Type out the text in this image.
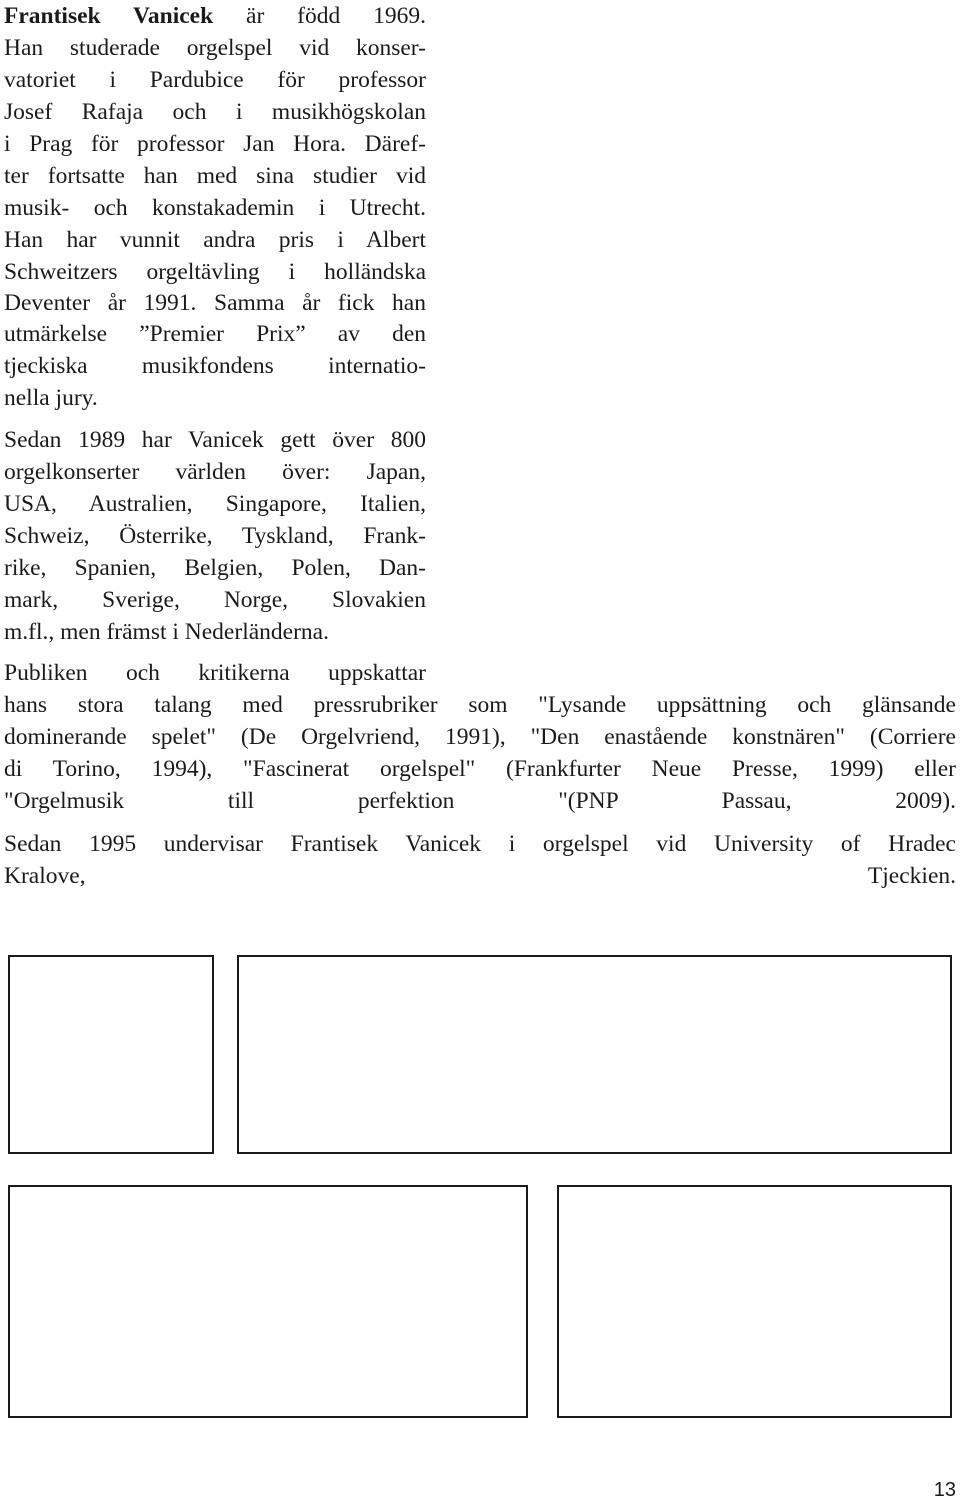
Frantisek Vanicek är född 1969.
Han studerade orgelspel vid konser-
vatoriet i Pardubice för professor
Josef Rafaja och i musikhögskolan
i Prag för professor Jan Hora. Däref-
ter fortsatte han med sina studier vid
musik- och konstakademin i Utrecht.
Han har vunnit andra pris i Albert
Schweitzers orgeltävling i holländska
Deventer år 1991. Samma år fick han
utmärkelse ”Premier Prix” av den
tjeckiska musikfondens internatio-
nella jury.
Sedan 1989 har Vanicek gett över 800
orgelkonserter världen över: Japan,
USA, Australien, Singapore, Italien,
Schweiz, Österrike, Tyskland, Frank-
rike, Spanien, Belgien, Polen, Dan-
mark, Sverige, Norge, Slovakien
m.fl., men främst i Nederländerna.
Publiken och kritikerna uppskattar
hans stora talang med pressrubriker som "Lysande uppsättning och glänsande
dominerande spelet" (De Orgelvriend, 1991), "Den enastående konstnären" (Corriere
di Torino, 1994), "Fascinerat orgelspel" (Frankfurter Neue Presse, 1999) eller
"Orgelmusik till perfektion "(PNP Passau, 2009).
Sedan 1995 undervisar Frantisek Vanicek i orgelspel vid University of Hradec
Kralove, Tjeckien.
13
